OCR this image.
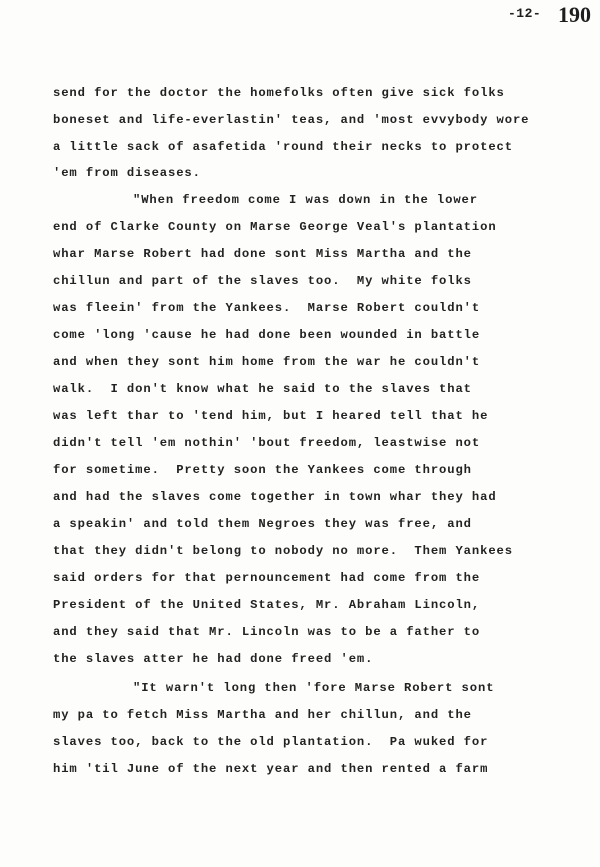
-12- 190
send for the doctor the homefolks often give sick folks
boneset and life-everlastin' teas, and 'most evvybody wore
a little sack of asafetida 'round their necks to protect
'em from diseases.
"When freedom come I was down in the lower
end of Clarke County on Marse George Veal's plantation
whar Marse Robert had done sont Miss Martha and the
chillun and part of the slaves too.  My white folks
was fleein' from the Yankees.  Marse Robert couldn't
come 'long 'cause he had done been wounded in battle
and when they sont him home from the war he couldn't
walk.  I don't know what he said to the slaves that
was left thar to 'tend him, but I heared tell that he
didn't tell 'em nothin' 'bout freedom, leastwise not
for sometime.  Pretty soon the Yankees come through
and had the slaves come together in town whar they had
a speakin' and told them Negroes they was free, and
that they didn't belong to nobody no more.  Them Yankees
said orders for that pernouncement had come from the
President of the United States, Mr. Abraham Lincoln,
and they said that Mr. Lincoln was to be a father to
the slaves atter he had done freed 'em.
"It warn't long then 'fore Marse Robert sont
my pa to fetch Miss Martha and her chillun, and the
slaves too, back to the old plantation.  Pa wuked for
him 'til June of the next year and then rented a farm
